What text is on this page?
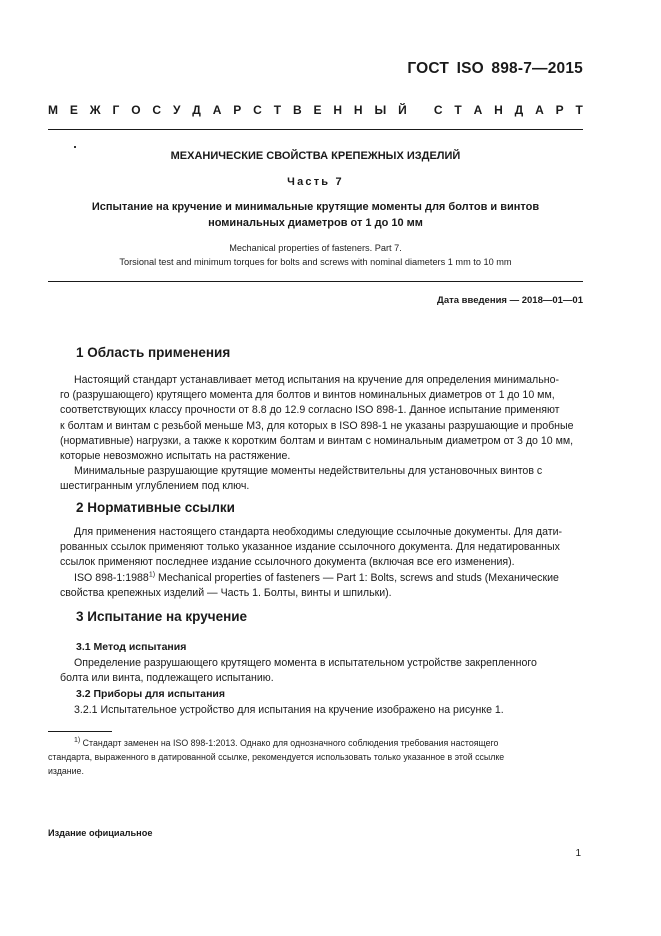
ГОСТ ISO 898-7—2015
М Е Ж Г О С У Д А Р С Т В Е Н Н Ы Й
С Т А Н Д А Р Т
МЕХАНИЧЕСКИЕ СВОЙСТВА КРЕПЕЖНЫХ ИЗДЕЛИЙ
Часть 7
Испытание на кручение и минимальные крутящие моменты для болтов и винтов
номинальных диаметров от 1 до 10 мм
Mechanical properties of fasteners. Part 7.
Torsional test and minimum torques for bolts and screws with nominal diameters 1 mm to 10 mm
Дата введения — 2018—01—01
1 Область применения
Настоящий стандарт устанавливает метод испытания на кручение для определения минимально-
го (разрушающего) крутящего момента для болтов и винтов номинальных диаметров от 1 до 10 мм,
соответствующих классу прочности от 8.8 до 12.9 согласно ISO 898-1. Данное испытание применяют
к болтам и винтам с резьбой меньше M3, для которых в ISO 898-1 не указаны разрушающие и пробные
(нормативные) нагрузки, а также к коротким болтам и винтам с номинальным диаметром от 3 до 10 мм,
которые невозможно испытать на растяжение.
Минимальные разрушающие крутящие моменты недействительны для установочных винтов с
шестигранным углублением под ключ.
2 Нормативные ссылки
Для применения настоящего стандарта необходимы следующие ссылочные документы. Для дати-
рованных ссылок применяют только указанное издание ссылочного документа. Для недатированных
ссылок применяют последнее издание ссылочного документа (включая все его изменения).
ISO 898-1:1988$^{1)}$ Mechanical properties of fasteners — Part 1: Bolts, screws and studs (Механические
свойства крепежных изделий — Часть 1. Болты, винты и шпильки).
3 Испытание на кручение
3.1 Метод испытания
Определение разрушающего крутящего момента в испытательном устройстве закрепленного
болта или винта, подлежащего испытанию.
3.2 Приборы для испытания
3.2.1 Испытательное устройство для испытания на кручение изображено на рисунке 1.
$^{1)}$ Стандарт заменен на ISO 898-1:2013. Однако для однозначного соблюдения требования настоящего
стандарта, выраженного в датированной ссылке, рекомендуется использовать только указанное в этой ссылке
издание.
Издание официальное
1
